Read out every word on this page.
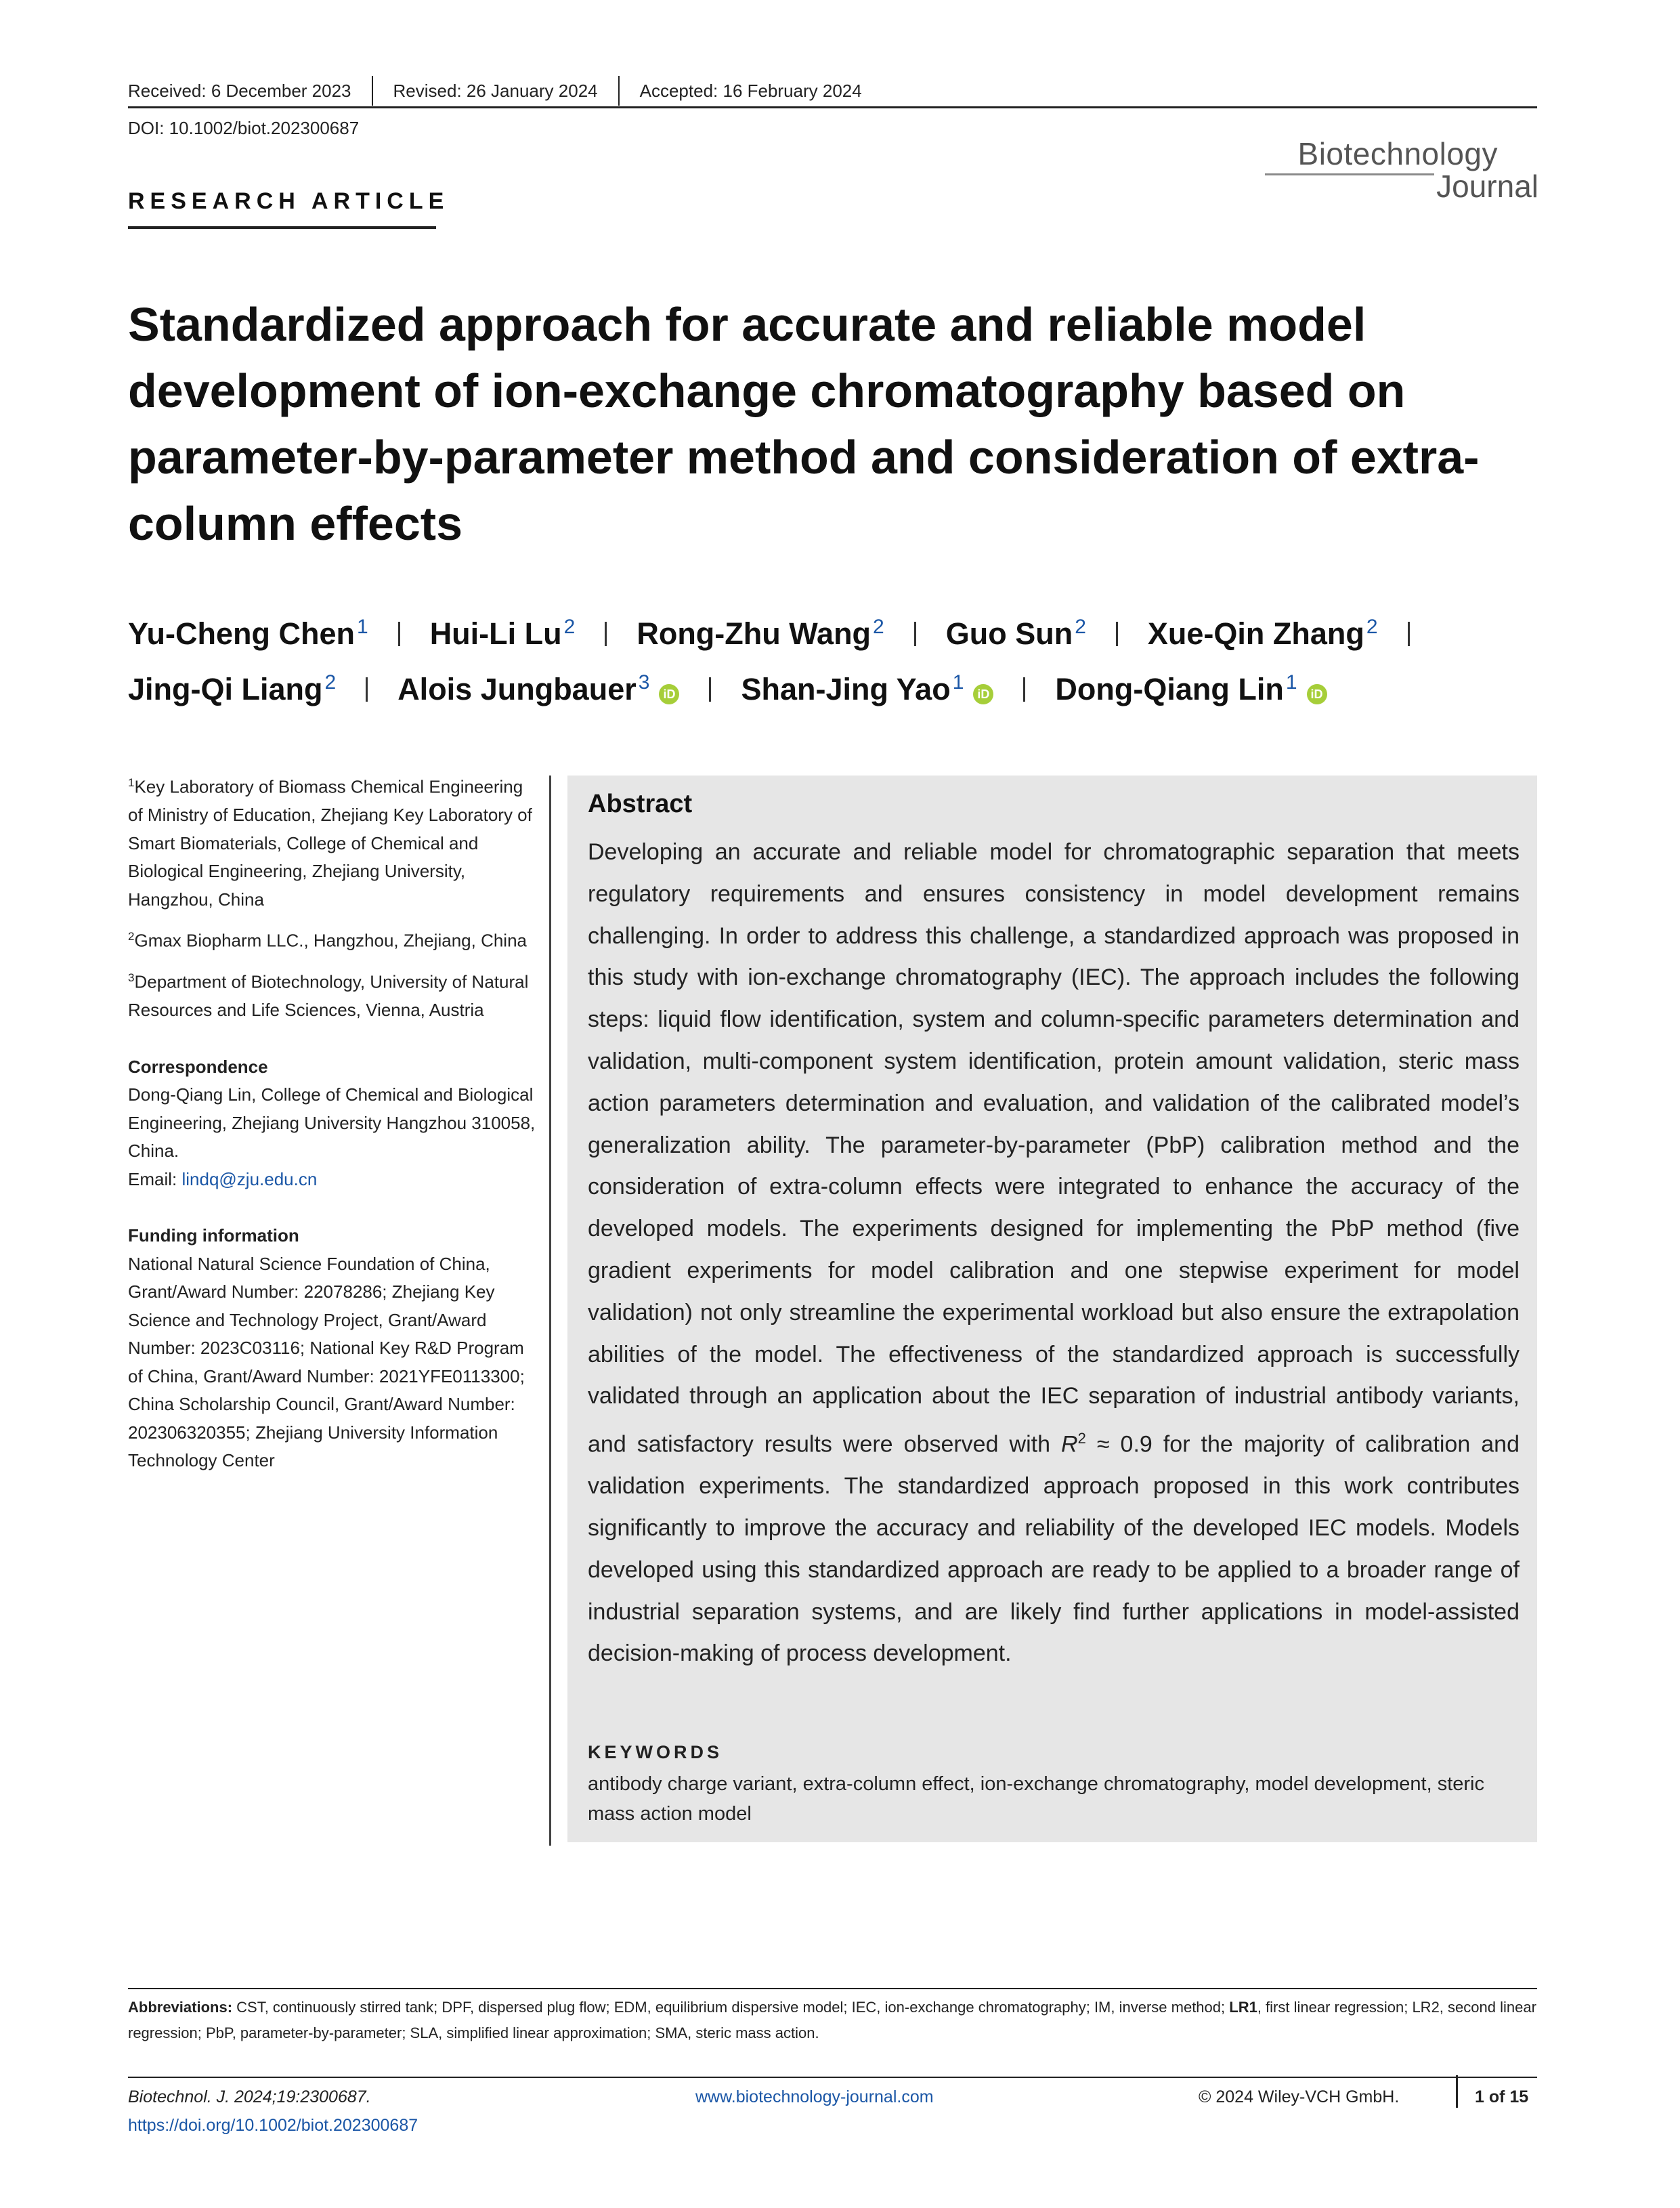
Received: 6 December 2023	Revised: 26 January 2024	Accepted: 16 February 2024
DOI: 10.1002/biot.202300687
Biotechnology
Journal
RESEARCH ARTICLE
Standardized approach for accurate and reliable model development of ion-exchange chromatography based on parameter-by-parameter method and consideration of extra-column effects
Yu-Cheng Chen $^1$ Hui-Li Lu $^2$ Rong-Zhu Wang $^2$ Guo Sun $^2$ Xue-Qin Zhang $^2$
Jing-Qi Liang $^2$ Alois Jungbauer $^3$iD Shan-Jing Yao $^1$iD Dong-Qiang Lin $^1$iD
$^1$Key Laboratory of Biomass Chemical Engineering of Ministry of Education, Zhejiang Key Laboratory of Smart Biomaterials, College of Chemical and Biological Engineering, Zhejiang University, Hangzhou, China
$^2$Gmax Biopharm LLC., Hangzhou, Zhejiang, China
$^3$Department of Biotechnology, University of Natural Resources and Life Sciences, Vienna, Austria
Correspondence
Dong-Qiang Lin, College of Chemical and Biological Engineering, Zhejiang University Hangzhou 310058, China.
Email: lindq@zju.edu.cn
Funding information
National Natural Science Foundation of China, Grant/Award Number: 22078286; Zhejiang Key Science and Technology Project, Grant/Award Number: 2023C03116; National Key R&D Program of China, Grant/Award Number: 2021YFE0113300; China Scholarship Council, Grant/Award Number: 202306320355; Zhejiang University Information Technology Center
Abstract
Developing an accurate and reliable model for chromatographic separation that meets regulatory requirements and ensures consistency in model development remains challenging. In order to address this challenge, a standardized approach was proposed in this study with ion-exchange chromatography (IEC). The approach includes the following steps: liquid flow identification, system and column-specific parameters determination and validation, multi-component system identification, protein amount validation, steric mass action parameters determination and evaluation, and validation of the calibrated model’s generalization ability. The parameter-by-parameter (PbP) calibration method and the consideration of extra-column effects were integrated to enhance the accuracy of the developed models. The experiments designed for implementing the PbP method (five gradient experiments for model calibration and one stepwise experiment for model validation) not only streamline the experimental workload but also ensure the extrapolation abilities of the model. The effectiveness of the standardized approach is successfully validated through an application about the IEC separation of industrial antibody variants, and satisfactory results were observed with $R^2 \approx 0.9$ for the majority of calibration and validation experiments. The standardized approach proposed in this work contributes significantly to improve the accuracy and reliability of the developed IEC models. Models developed using this standardized approach are ready to be applied to a broader range of industrial separation systems, and are likely find further applications in model-assisted decision-making of process development.
KEYWORDS
antibody charge variant, extra-column effect, ion-exchange chromatography, model development, steric mass action model
Abbreviations: CST, continuously stirred tank; DPF, dispersed plug flow; EDM, equilibrium dispersive model; IEC, ion-exchange chromatography; IM, inverse method; LR1, first linear regression; LR2, second linear regression; PbP, parameter-by-parameter; SLA, simplified linear approximation; SMA, steric mass action.
Biotechnol. J. 2024;19:2300687.
https://doi.org/10.1002/biot.202300687
www.biotechnology-journal.com	© 2024 Wiley-VCH GmbH.	1 of 15
